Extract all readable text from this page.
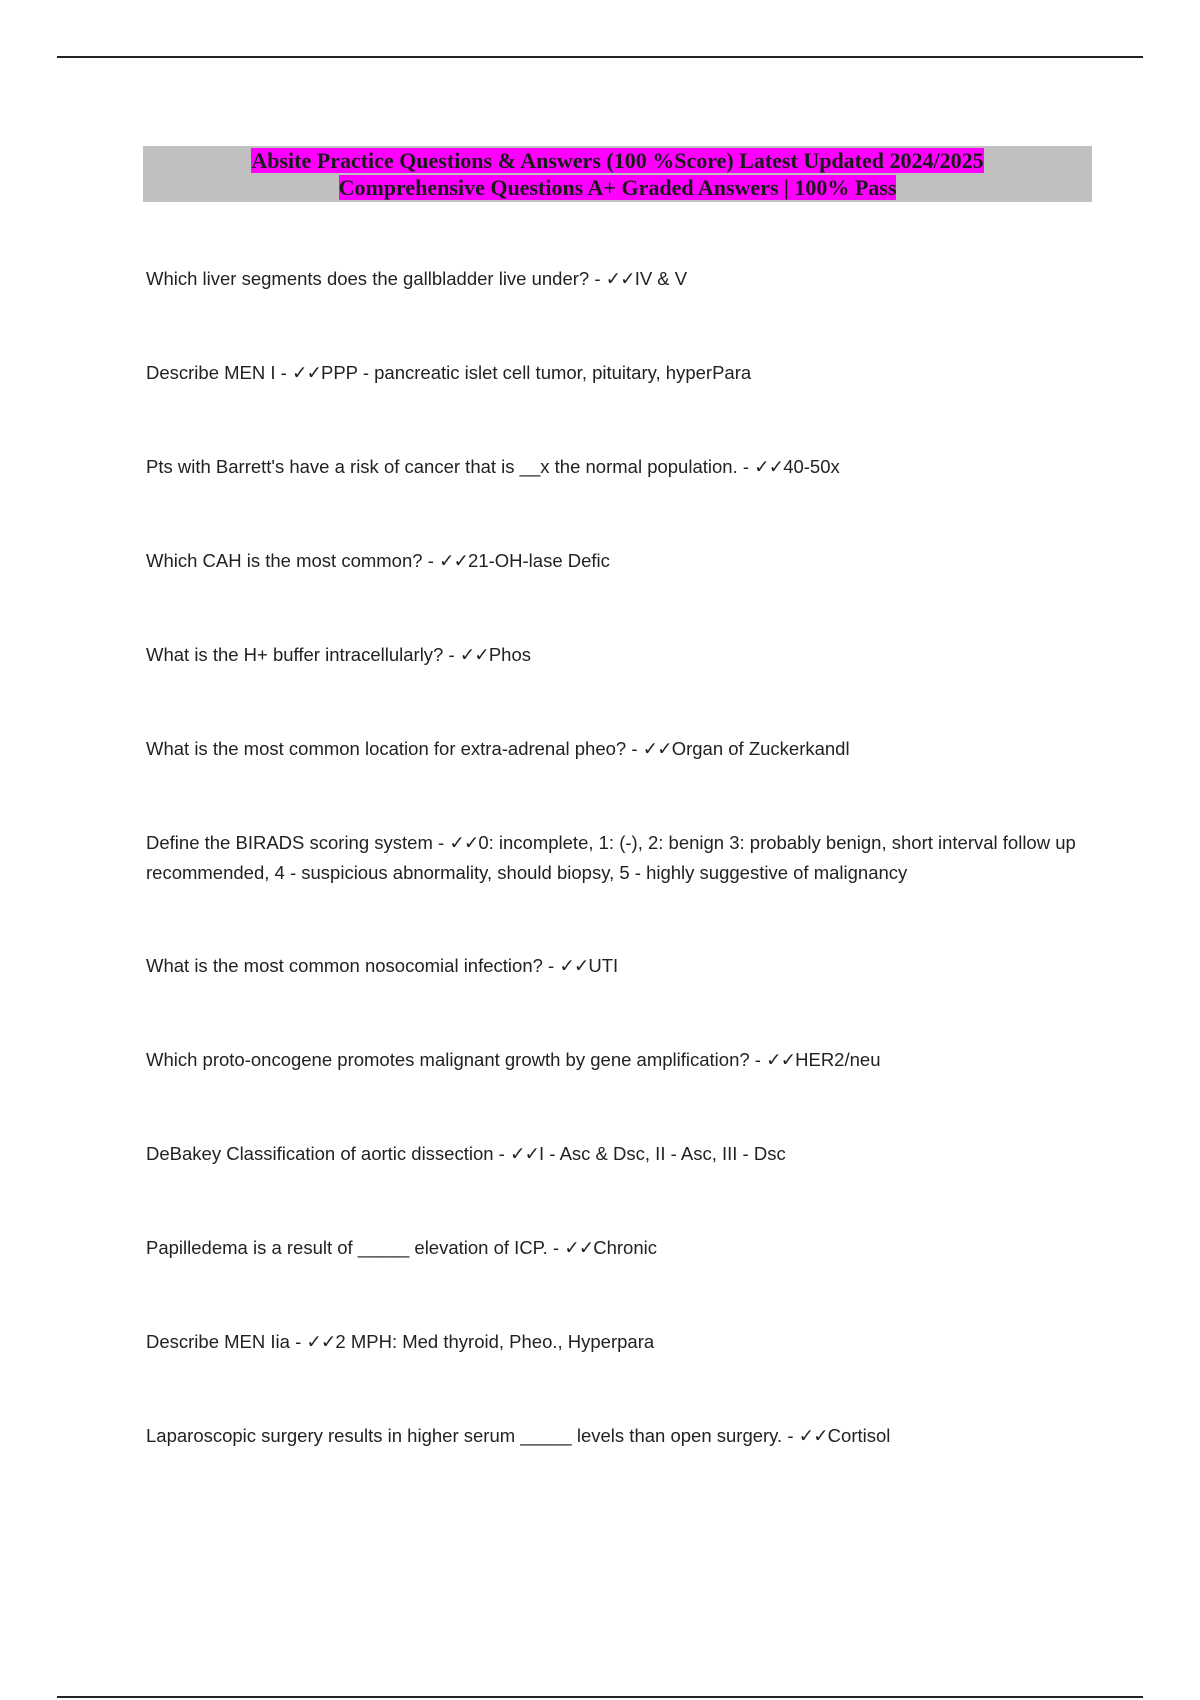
Absite Practice Questions & Answers (100 %Score) Latest Updated 2024/2025
Comprehensive Questions A+ Graded Answers | 100% Pass
Which liver segments does the gallbladder live under? - ✓✓IV & V
Describe MEN I - ✓✓PPP - pancreatic islet cell tumor, pituitary, hyperPara
Pts with Barrett's have a risk of cancer that is __x the normal population. - ✓✓40-50x
Which CAH is the most common? - ✓✓21-OH-lase Defic
What is the H+ buffer intracellularly? - ✓✓Phos
What is the most common location for extra-adrenal pheo? - ✓✓Organ of Zuckerkandl
Define the BIRADS scoring system - ✓✓0: incomplete, 1: (-), 2: benign 3: probably benign, short interval follow up recommended, 4 - suspicious abnormality, should biopsy, 5 - highly suggestive of malignancy
What is the most common nosocomial infection? - ✓✓UTI
Which proto-oncogene promotes malignant growth by gene amplification? - ✓✓HER2/neu
DeBakey Classification of aortic dissection - ✓✓I - Asc & Dsc, II - Asc, III - Dsc
Papilledema is a result of _____ elevation of ICP. - ✓✓Chronic
Describe MEN Iia - ✓✓2 MPH: Med thyroid, Pheo., Hyperpara
Laparoscopic surgery results in higher serum _____ levels than open surgery. - ✓✓Cortisol
